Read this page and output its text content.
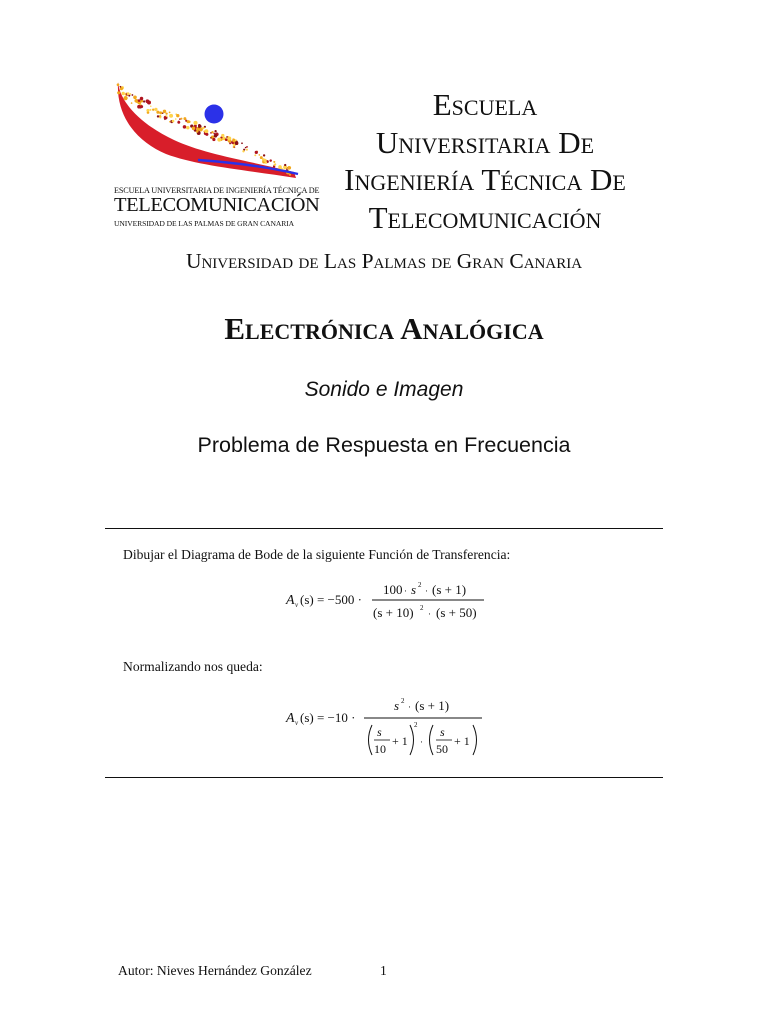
ESCUELA UNIVERSITARIA DE INGENIERÍA TÉCNICA DE
TELECOMUNICACIÓN
UNIVERSIDAD DE LAS PALMAS DE GRAN CANARIA
Escuela
Universitaria De
Ingeniería Técnica De
Telecomunicación
Universidad de Las Palmas de Gran Canaria
Electrónica Analógica
Sonido e Imagen
Problema de Respuesta en Frecuencia
Dibujar el Diagrama de Bode de la siguiente Función de Transferencia:
A v (s) = −500 ·
100 · s 2
· (s + 1)
(s + 10) 2
· (s + 50)
Normalizando nos queda:
A v (s) = −10 ·
s 2
· (s + 1)
s
10
+ 1
2
·
s
50
+ 1
Autor: Nieves Hernández González	1
